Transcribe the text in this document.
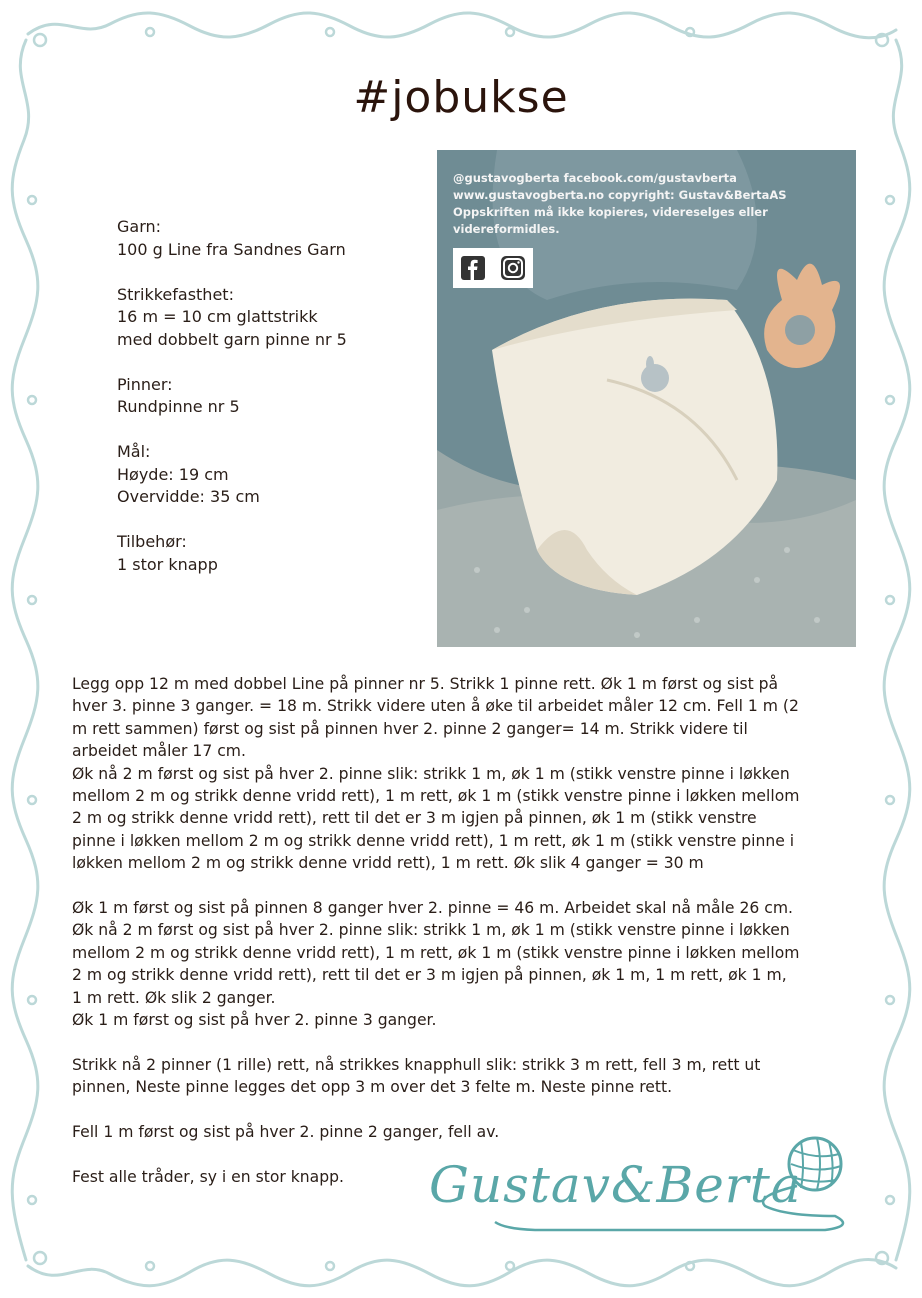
#jobukse
Garn:
100 g Line fra Sandnes Garn
Strikkefasthet:
16 m = 10 cm glattstrikk
med dobbelt garn pinne nr 5
Pinner:
Rundpinne nr 5
Mål:
Høyde: 19 cm
Overvidde: 35 cm
Tilbehør:
1 stor knapp
@gustavogberta facebook.com/gustavberta
www.gustavogberta.no copyright: Gustav&BertaAS
Oppskriften må ikke kopieres, videreselges eller
videreformidles.
Legg opp 12 m med dobbel Line på pinner nr 5. Strikk 1 pinne rett. Øk 1 m først og sist på
hver 3. pinne 3 ganger. = 18 m. Strikk videre uten å øke til arbeidet måler 12 cm. Fell 1 m (2
m rett sammen) først og sist på pinnen hver 2. pinne 2 ganger= 14 m. Strikk videre til
arbeidet måler 17 cm.
Øk nå 2 m først og sist på hver 2. pinne slik: strikk 1 m, øk 1 m (stikk venstre pinne i løkken
mellom 2 m og strikk denne vridd rett), 1 m rett, øk 1 m (stikk venstre pinne i løkken mellom
2 m og strikk denne vridd rett), rett til det er 3 m igjen på pinnen, øk 1 m (stikk venstre
pinne i løkken mellom 2 m og strikk denne vridd rett), 1 m rett, øk 1 m (stikk venstre pinne i
løkken mellom 2 m og strikk denne vridd rett), 1 m rett. Øk slik 4 ganger = 30 m
Øk 1 m først og sist på pinnen 8 ganger hver 2. pinne = 46 m. Arbeidet skal nå måle 26 cm.
Øk nå 2 m først og sist på hver 2. pinne slik: strikk 1 m, øk 1 m (stikk venstre pinne i løkken
mellom 2 m og strikk denne vridd rett), 1 m rett, øk 1 m (stikk venstre pinne i løkken mellom
2 m og strikk denne vridd rett), rett til det er 3 m igjen på pinnen, øk 1 m, 1 m rett, øk 1 m,
1 m rett. Øk slik 2 ganger.
Øk 1 m først og sist på hver 2. pinne 3 ganger.
Strikk nå 2 pinner (1 rille) rett, nå strikkes knapphull slik: strikk 3 m rett, fell 3 m, rett ut
pinnen, Neste pinne legges det opp 3 m over det 3 felte m. Neste pinne rett.
Fell 1 m først og sist på hver 2. pinne 2 ganger, fell av.
Fest alle tråder, sy i en stor knapp.	Gustav&Berta
